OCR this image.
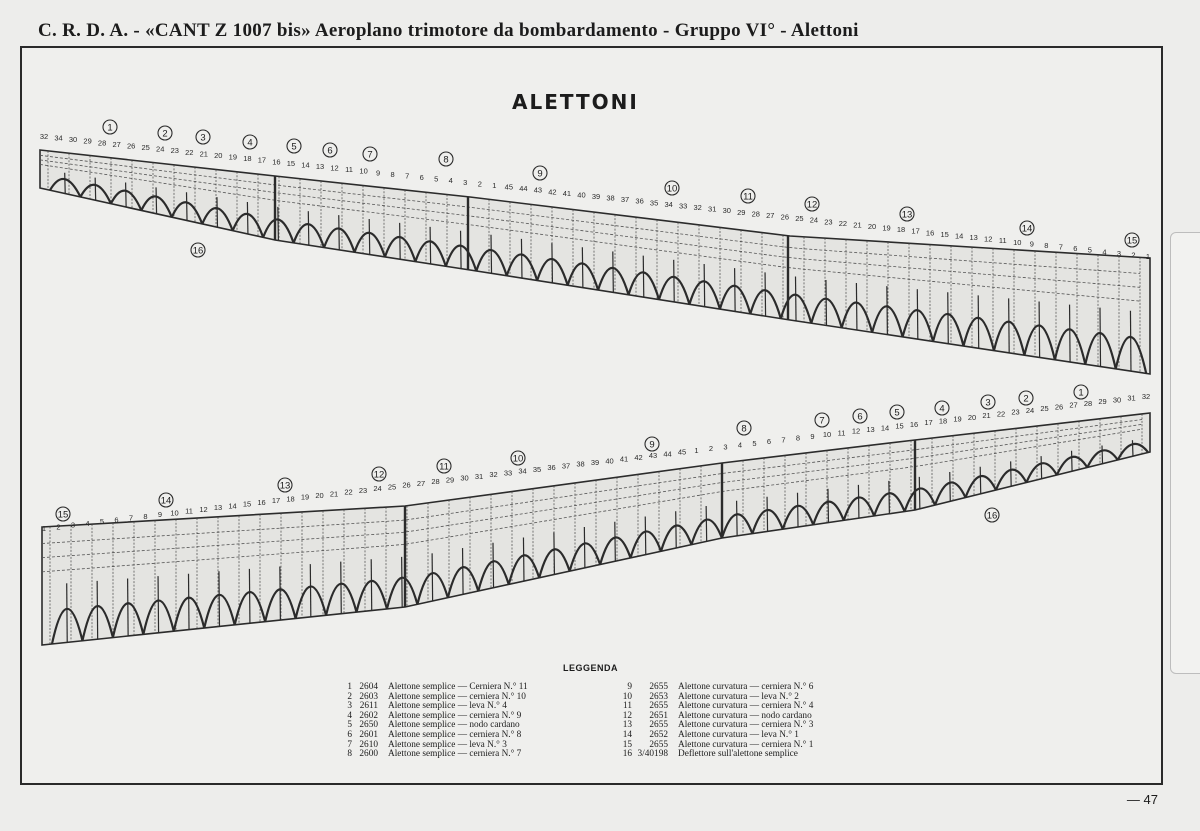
C. R. D. A. - «CANT Z 1007 bis» Aeroplano trimotore da bombardamento - Gruppo VI° - Alettoni
ALETTONI
1
2	3	4	5	6	7	8
9
10
11
12
13
14
15
16
15
14
13
12
11
10
9
8
7	6	5	4
3	2
1
16
32 34 30 29 28 27 26 25 24 23 22 21 20 19 18 17 16 15 14 13 12 11 10 9 8 7 6 5 4 3 2 1 45 44 43 42 41 40 39 38 37 36 35 34 33 32 31 30 29 28 27 26 25 24 23 22 21 20 19 18 17 16 15 14 13 12 11 10 9 8 7 6 5 4 3 2 1
1 2 3 4 5 6 7 8 9 10 11 12 13 14 15 16 17 18 19 20 21 22 23 24 25 26 27 28 29 30 31 32 33 34 35 36 37 38 39 40 41 42 43 44 45 1 2 3 4 5 6 7 8 9 10 11 12 13 14 15 16 17 18 19 20 21 22 23 24 25 26 27 28 29 30 31 32
LEGGENDA
1 2604 Alettone semplice — Cerniera N.° 11
2 2603 Alettone semplice — cerniera N.° 10
3 2611 Alettone semplice — leva N.° 4
4 2602 Alettone semplice — cerniera N.° 9
5 2650 Alettone semplice — nodo cardano
6 2601 Alettone semplice — cerniera N.° 8
7 2610 Alettone semplice — leva N.° 3
8 2600 Alettone semplice — cerniera N.° 7
9 2655 Alettone curvatura — cerniera N.° 6
10 2653 Alettone curvatura — leva N.° 2
11 2655 Alettone curvatura — cerniera N.° 4
12 2651 Alettone curvatura — nodo cardano
13 2655 Alettone curvatura — cerniera N.° 3
14 2652 Alettone curvatura — leva N.° 1
15 2655 Alettone curvatura — cerniera N.° 1
16 3/40198 Deflettore sull'alettone semplice
— 47
